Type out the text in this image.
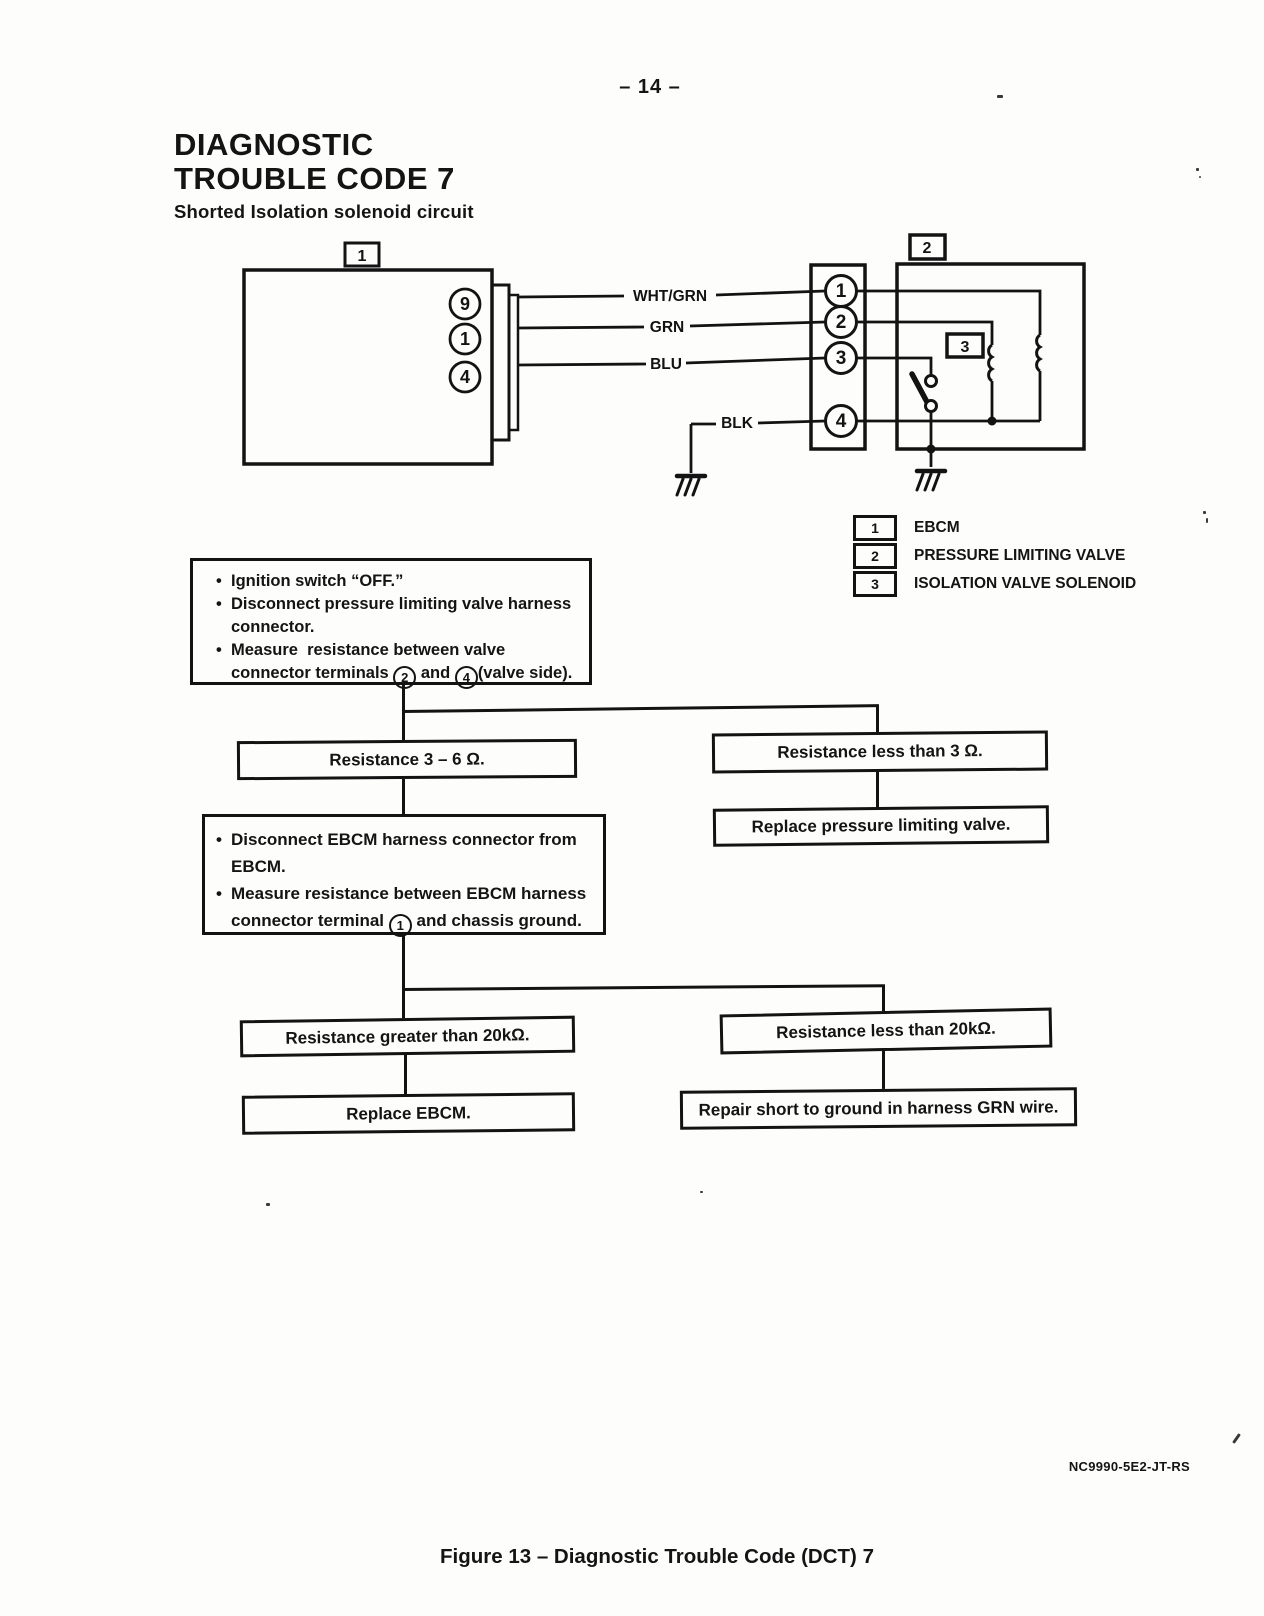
– 14 –
DIAGNOSTIC
TROUBLE CODE 7
Shorted Isolation solenoid circuit
1
9
1
4
WHT/GRN
GRN
BLU
BLK
1
2
3
4
2
3
1	EBCM
2	PRESSURE LIMITING VALVE
3	ISOLATION VALVE SOLENOID
• Ignition switch “OFF.”
• Disconnect pressure limiting valve harness
connector.
• Measure  resistance between valve
connector terminals 2 and 4 (valve side).
Resistance 3 – 6 Ω.	Resistance less than 3 Ω.
Replace pressure limiting valve.
• Disconnect EBCM harness connector from
EBCM.
• Measure resistance between EBCM harness
connector terminal 1 and chassis ground.
Resistance greater than 20kΩ.	Resistance less than 20kΩ.
Replace EBCM.	Repair short to ground in harness GRN wire.
NC9990-5E2-JT-RS
Figure 13 – Diagnostic Trouble Code (DCT) 7
